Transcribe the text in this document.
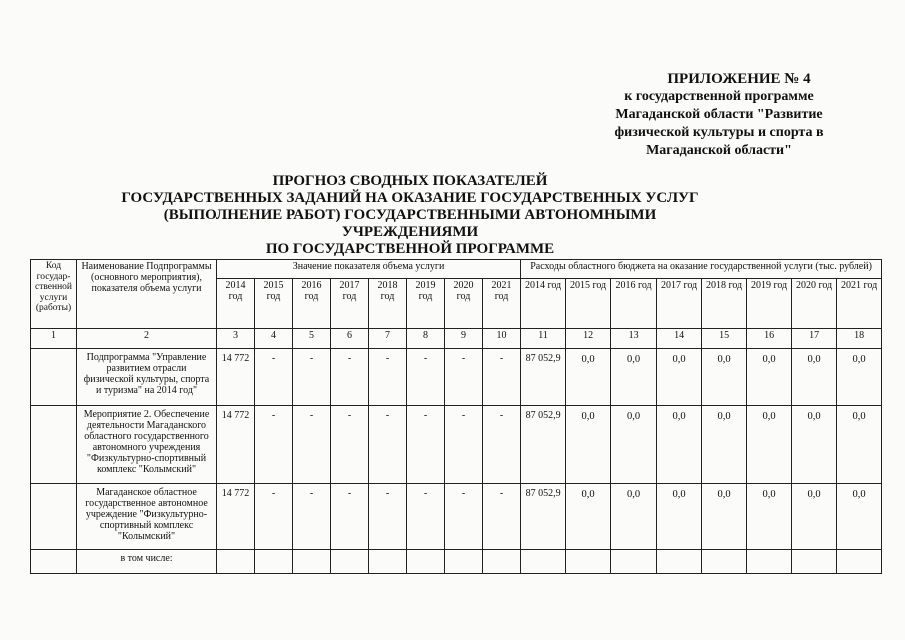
ПРИЛОЖЕНИЕ № 4
к государственной программе
Магаданской области "Развитие
физической культуры и спорта в
Магаданской области"
ПРОГНОЗ СВОДНЫХ ПОКАЗАТЕЛЕЙ
ГОСУДАРСТВЕННЫХ ЗАДАНИЙ НА ОКАЗАНИЕ ГОСУДАРСТВЕННЫХ УСЛУГ
(ВЫПОЛНЕНИЕ РАБОТ) ГОСУДАРСТВЕННЫМИ АВТОНОМНЫМИ УЧРЕЖДЕНИЯМИ
ПО ГОСУДАРСТВЕННОЙ ПРОГРАММЕ
Код государ-ственной услуги (работы)	Наименование Подпрограммы (основного мероприятия), показателя объема услуги	Значение показателя объема услуги								Расходы областного бюджета на оказание государственной услуги (тыс. рублей)							
		2014 год	2015 год	2016 год	2017 год	2018 год	2019 год	2020 год	2021 год	2014 год	2015 год	2016 год	2017 год	2018 год	2019 год	2020 год	2021 год
1	2	3	4	5	6	7	8	9	10	11	12	13	14	15	16	17	18
	Подпрограмма "Управление развитием отрасли физической культуры, спорта и туризма" на 2014 год"	14 772	-	-	-	-	-	-	-	87 052,9	0,0	0,0	0,0	0,0	0,0	0,0	0,0
	Мероприятие 2. Обеспечение деятельности Магаданского областного государственного автономного учреждения "Физкультурно-спортивный комплекс "Колымский"	14 772	-	-	-	-	-	-	-	87 052,9	0,0	0,0	0,0	0,0	0,0	0,0	0,0
	Магаданское областное государственное автономное учреждение "Физкультурно-спортивный комплекс "Колымский"	14 772	-	-	-	-	-	-	-	87 052,9	0,0	0,0	0,0	0,0	0,0	0,0	0,0
	в том числе:																
